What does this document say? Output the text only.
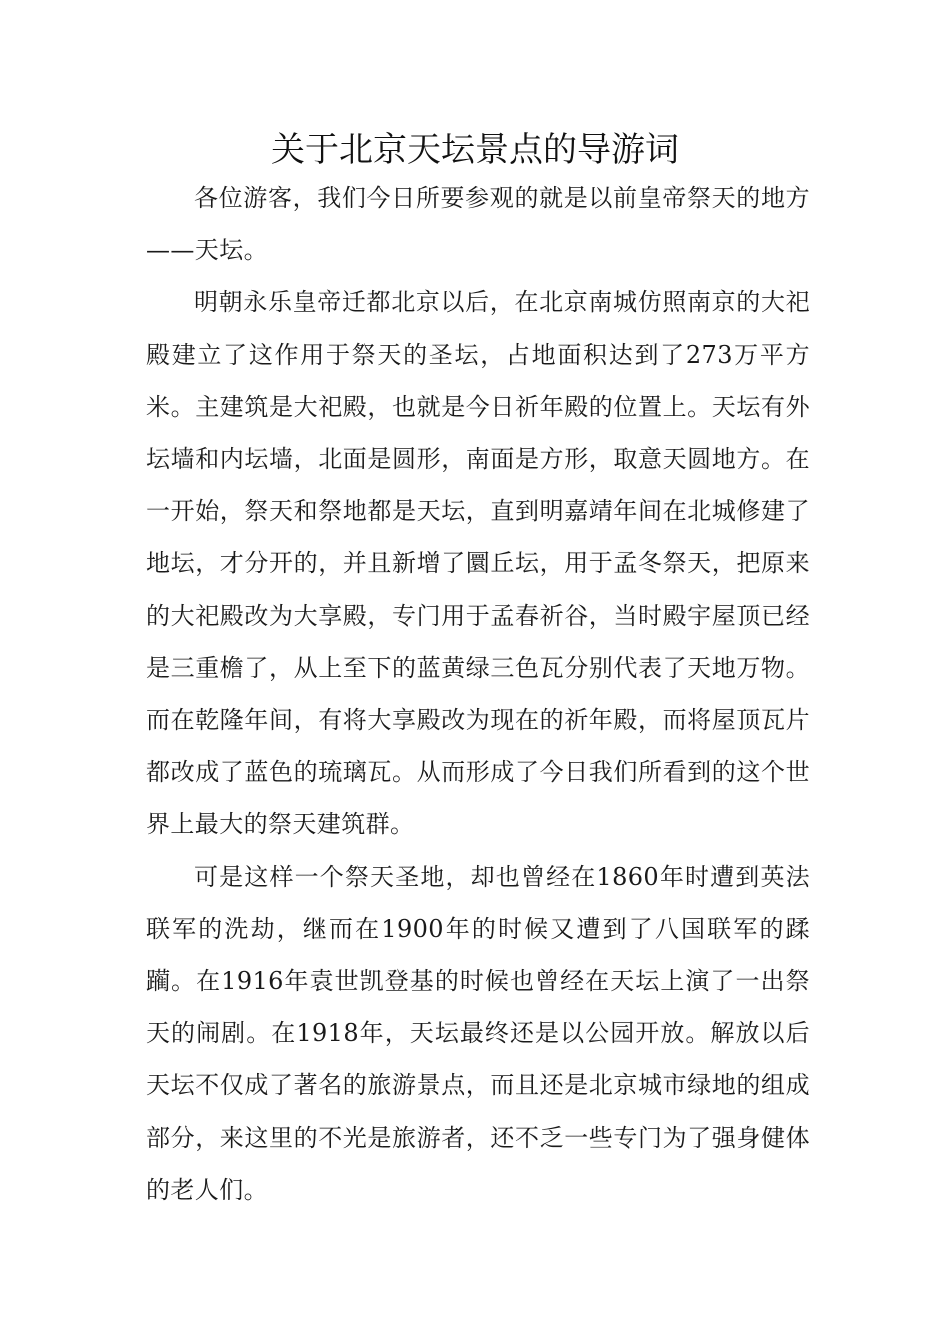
关于北京天坛景点的导游词

各位游客，我们今日所要参观的就是以前皇帝祭天的地方——天坛。

明朝永乐皇帝迁都北京以后，在北京南城仿照南京的大祀殿建立了这作用于祭天的圣坛，占地面积达到了273万平方米。主建筑是大祀殿，也就是今日祈年殿的位置上。天坛有外坛墙和内坛墙，北面是圆形，南面是方形，取意天圆地方。在一开始，祭天和祭地都是天坛，直到明嘉靖年间在北城修建了地坛，才分开的，并且新增了圜丘坛，用于孟冬祭天，把原来的大祀殿改为大享殿，专门用于孟春祈谷，当时殿宇屋顶已经是三重檐了，从上至下的蓝黄绿三色瓦分别代表了天地万物。而在乾隆年间，有将大享殿改为现在的祈年殿，而将屋顶瓦片都改成了蓝色的琉璃瓦。从而形成了今日我们所看到的这个世界上最大的祭天建筑群。

可是这样一个祭天圣地，却也曾经在1860年时遭到英法联军的洗劫，继而在1900年的时候又遭到了八国联军的蹂躏。在1916年袁世凯登基的时候也曾经在天坛上演了一出祭天的闹剧。在1918年，天坛最终还是以公园开放。解放以后天坛不仅成了著名的旅游景点，而且还是北京城市绿地的组成部分，来这里的不光是旅游者，还不乏一些专门为了强身健体的老人们。
